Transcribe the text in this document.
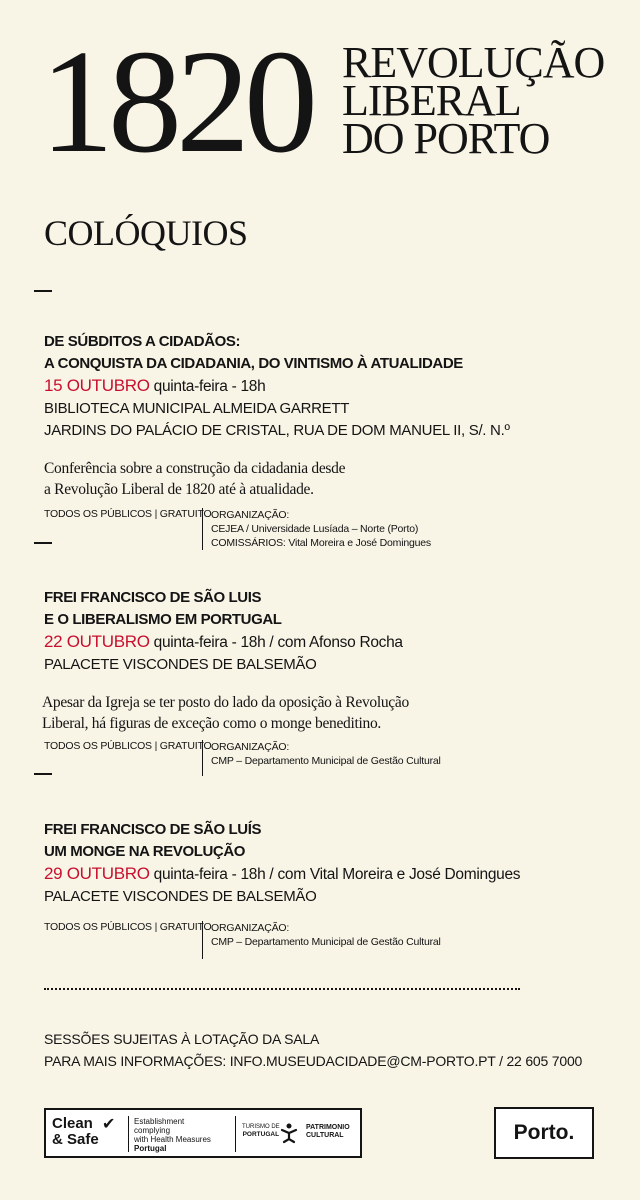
1820 REVOLUÇÃO
LIBERAL
DO PORTO
COLÓQUIOS
DE SÚBDITOS A CIDADÃOS:
A CONQUISTA DA CIDADANIA, DO VINTISMO À ATUALIDADE
15 OUTUBRO quinta-feira - 18h
BIBLIOTECA MUNICIPAL ALMEIDA GARRETT
JARDINS DO PALÁCIO DE CRISTAL, RUA DE DOM MANUEL II, S/. N.º
Conferência sobre a construção da cidadania desde
a Revolução Liberal de 1820 até à atualidade.
TODOS OS PÚBLICOS | GRATUITO ORGANIZAÇÃO:
CEJEA / Universidade Lusíada – Norte (Porto)
COMISSÁRIOS: Vital Moreira e José Domingues
FREI FRANCISCO DE SÃO LUIS
E O LIBERALISMO EM PORTUGAL
22 OUTUBRO quinta-feira - 18h / com Afonso Rocha
PALACETE VISCONDES DE BALSEMÃO
Apesar da Igreja se ter posto do lado da oposição à Revolução
Liberal, há figuras de exceção como o monge beneditino.
TODOS OS PÚBLICOS | GRATUITO ORGANIZAÇÃO:
CMP – Departamento Municipal de Gestão Cultural
FREI FRANCISCO DE SÃO LUÍS
UM MONGE NA REVOLUÇÃO
29 OUTUBRO quinta-feira - 18h / com Vital Moreira e José Domingues
PALACETE VISCONDES DE BALSEMÃO
TODOS OS PÚBLICOS | GRATUITO ORGANIZAÇÃO:
CMP – Departamento Municipal de Gestão Cultural
SESSÕES SUJEITAS À LOTAÇÃO DA SALA
PARA MAIS INFORMAÇÕES: INFO.MUSEUDACIDADE@CM-PORTO.PT / 22 605 7000
Clean
& Safe
✔ Establishment
complying
with Health Measures
Portugal
TURISMO DE
PORTUGAL
PATRIMONIO
CULTURAL	Porto.
